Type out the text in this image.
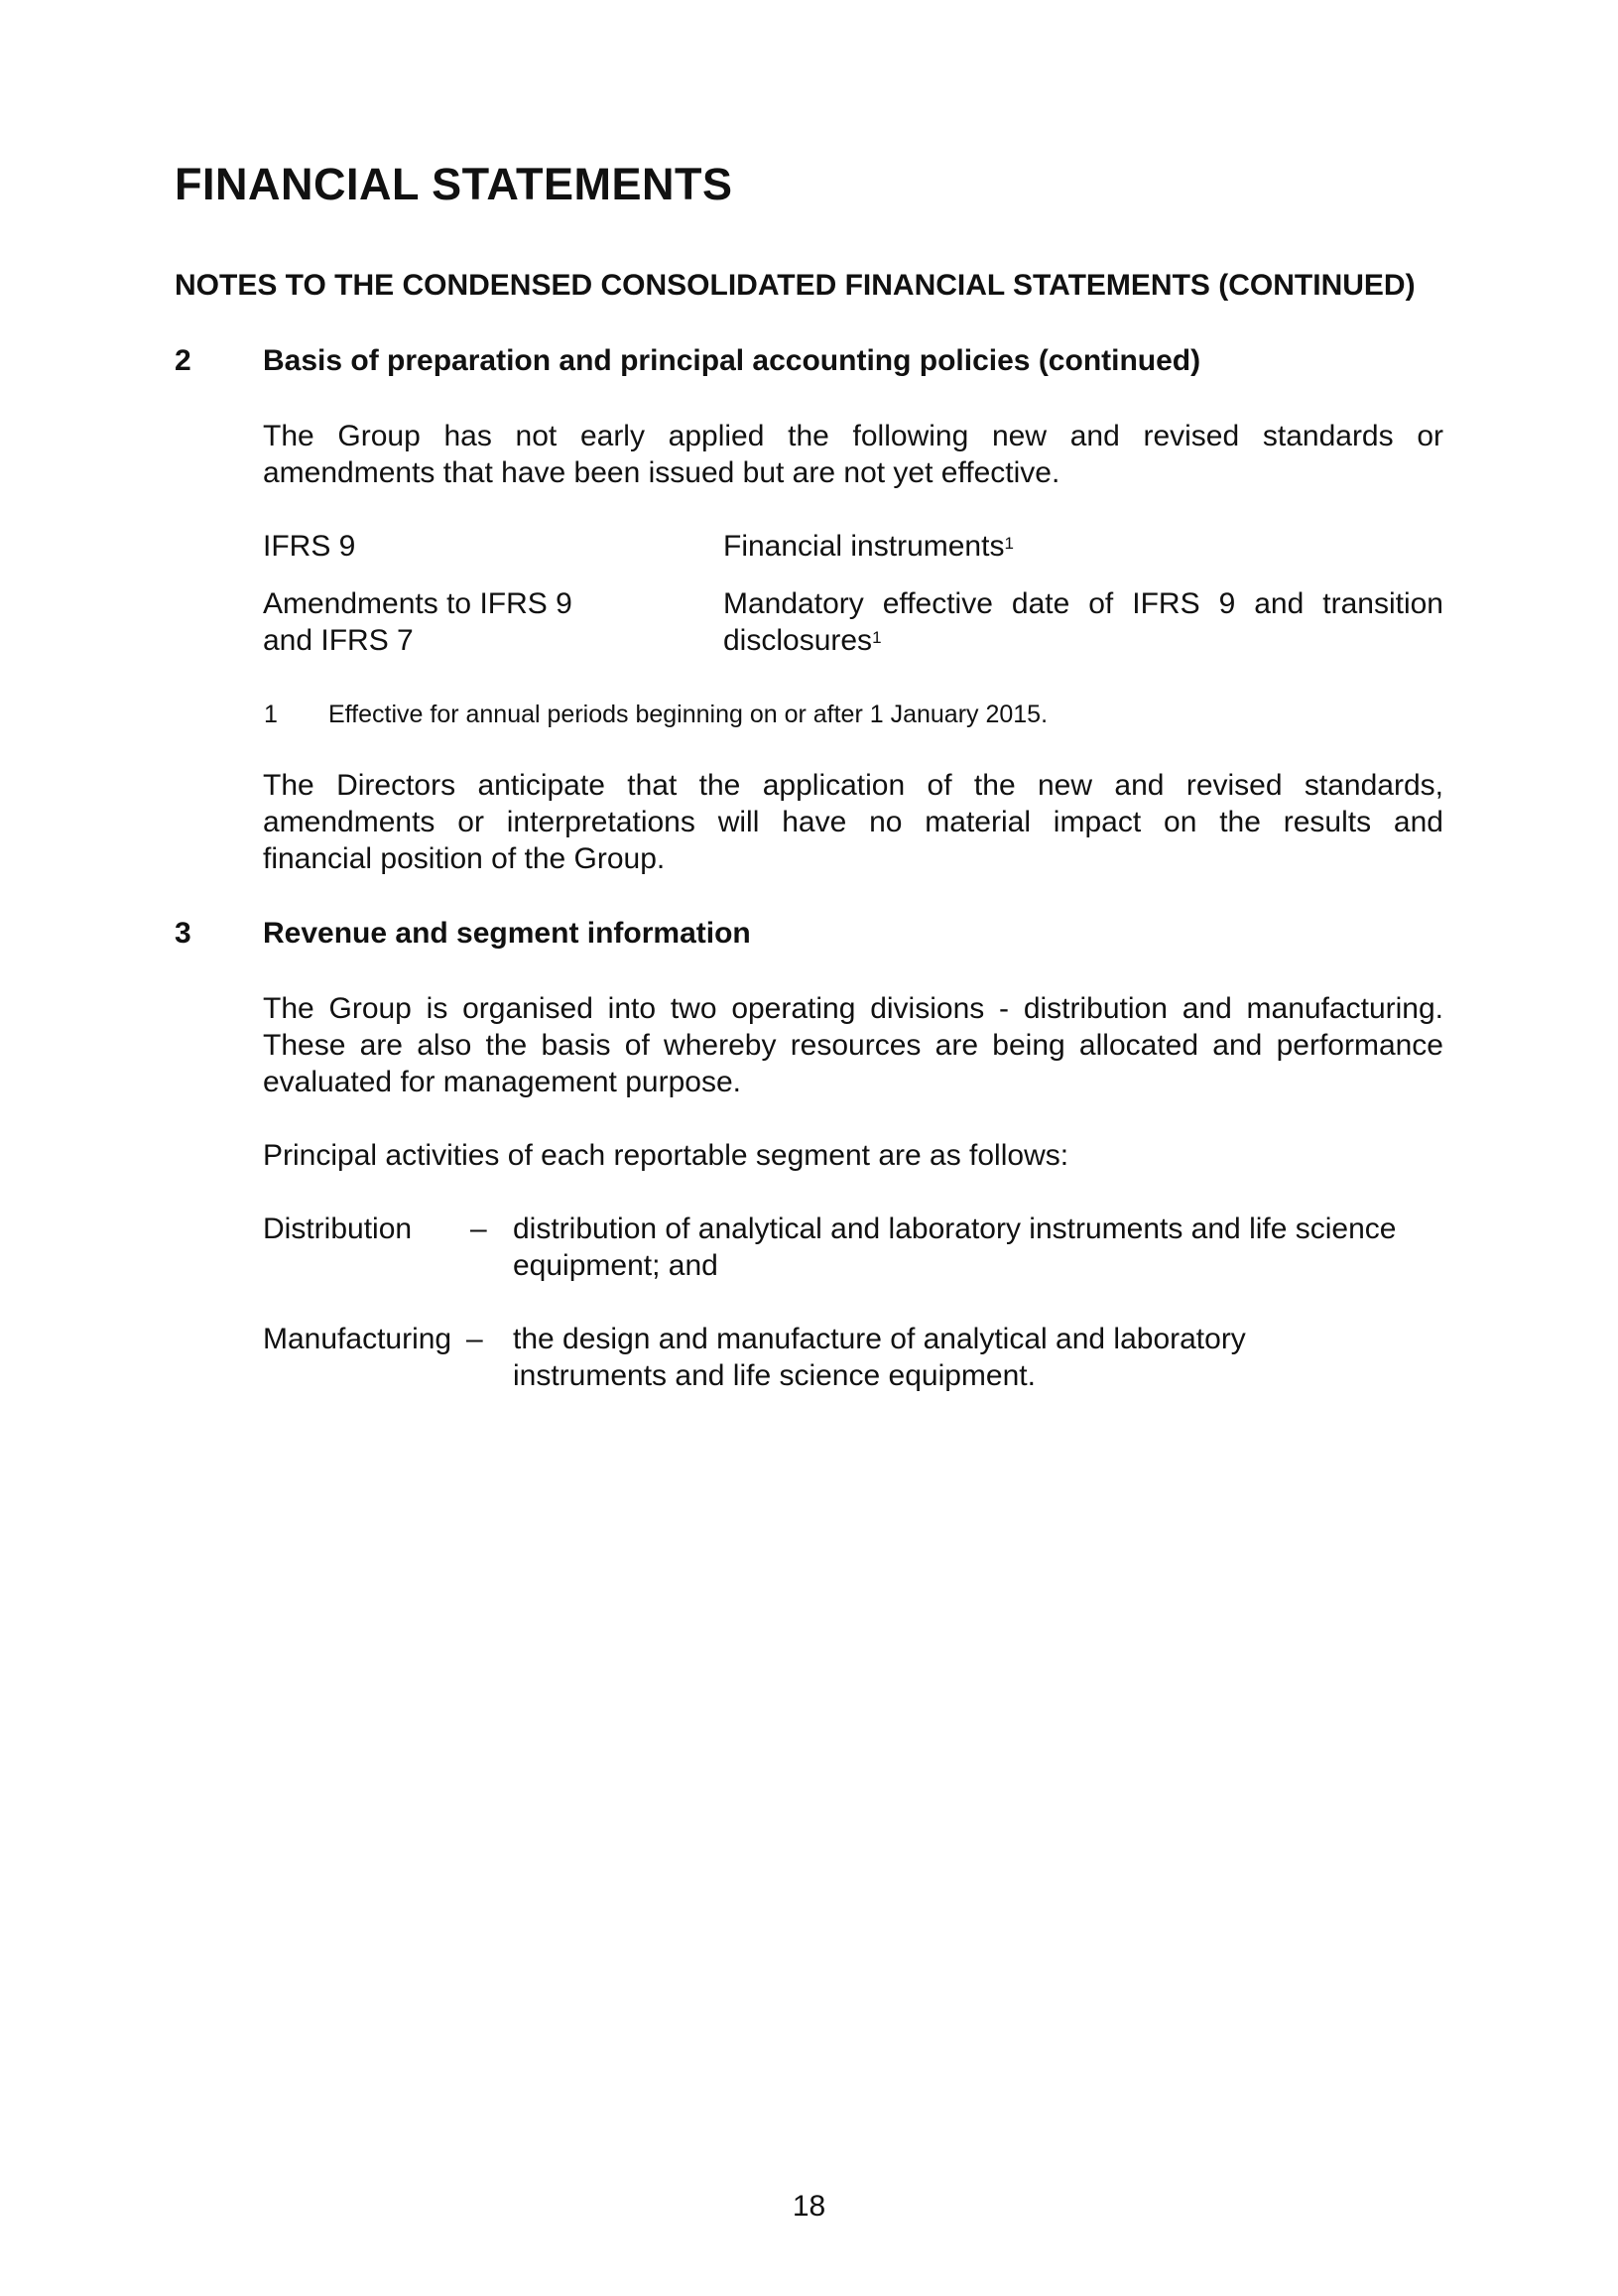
FINANCIAL STATEMENTS
NOTES TO THE CONDENSED CONSOLIDATED FINANCIAL STATEMENTS (CONTINUED)
2 Basis of preparation and principal accounting policies (continued)
The Group has not early applied the following new and revised standards or
amendments that have been issued but are not yet effective.
IFRS 9	Financial instruments$^1$
Amendments to IFRS 9
and IFRS 7
Mandatory effective date of IFRS 9 and transition
disclosures$^1$
1 Effective for annual periods beginning on or after 1 January 2015.
The Directors anticipate that the application of the new and revised standards,
amendments or interpretations will have no material impact on the results and
financial position of the Group.
3 Revenue and segment information
The Group is organised into two operating divisions - distribution and manufacturing.
These are also the basis of whereby resources are being allocated and performance
evaluated for management purpose.
Principal activities of each reportable segment are as follows:
Distribution – distribution of analytical and laboratory instruments and life science
equipment; and
Manufacturing – the design and manufacture of analytical and laboratory
instruments and life science equipment.
18
